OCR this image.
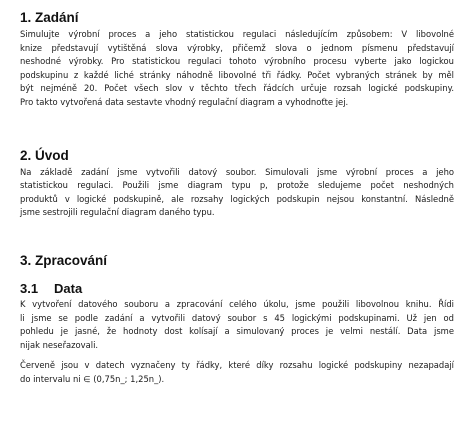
1. Zadání
Simulujte výrobní proces a jeho statistickou regulaci následujícím způsobem: V libovolné
knize představují vytištěná slova výrobky, přičemž slova o jednom písmenu představují
neshodné výrobky. Pro statistickou regulaci tohoto výrobního procesu vyberte jako logickou
podskupinu z každé liché stránky náhodně libovolné tři řádky. Počet vybraných stránek by měl
být nejméně 20. Počet všech slov v těchto třech řádcích určuje rozsah logické podskupiny.
Pro takto vytvořená data sestavte vhodný regulační diagram a vyhodnoťte jej.
2. Úvod
Na základě zadání jsme vytvořili datový soubor. Simulovali jsme výrobní proces a jeho
statistickou regulaci. Použili jsme diagram typu p, protože sledujeme počet neshodných
produktů v logické podskupině, ale rozsahy logických podskupin nejsou konstantní. Následně
jsme sestrojili regulační diagram daného typu.
3. Zpracování
3.1 Data
K vytvoření datového souboru a zpracování celého úkolu, jsme použili libovolnou knihu. Řídi
li jsme se podle zadání a vytvořili datový soubor s 45 logickými podskupinami. Už jen od
pohledu je jasné, že hodnoty dost kolísají a simulovaný proces je velmi nestálí. Data jsme
nijak neseřazovali.
Červeně jsou v datech vyznačeny ty řádky, které díky rozsahu logické podskupiny nezapadají
do intervalu ni ∈ (0,75n_; 1,25n_).
